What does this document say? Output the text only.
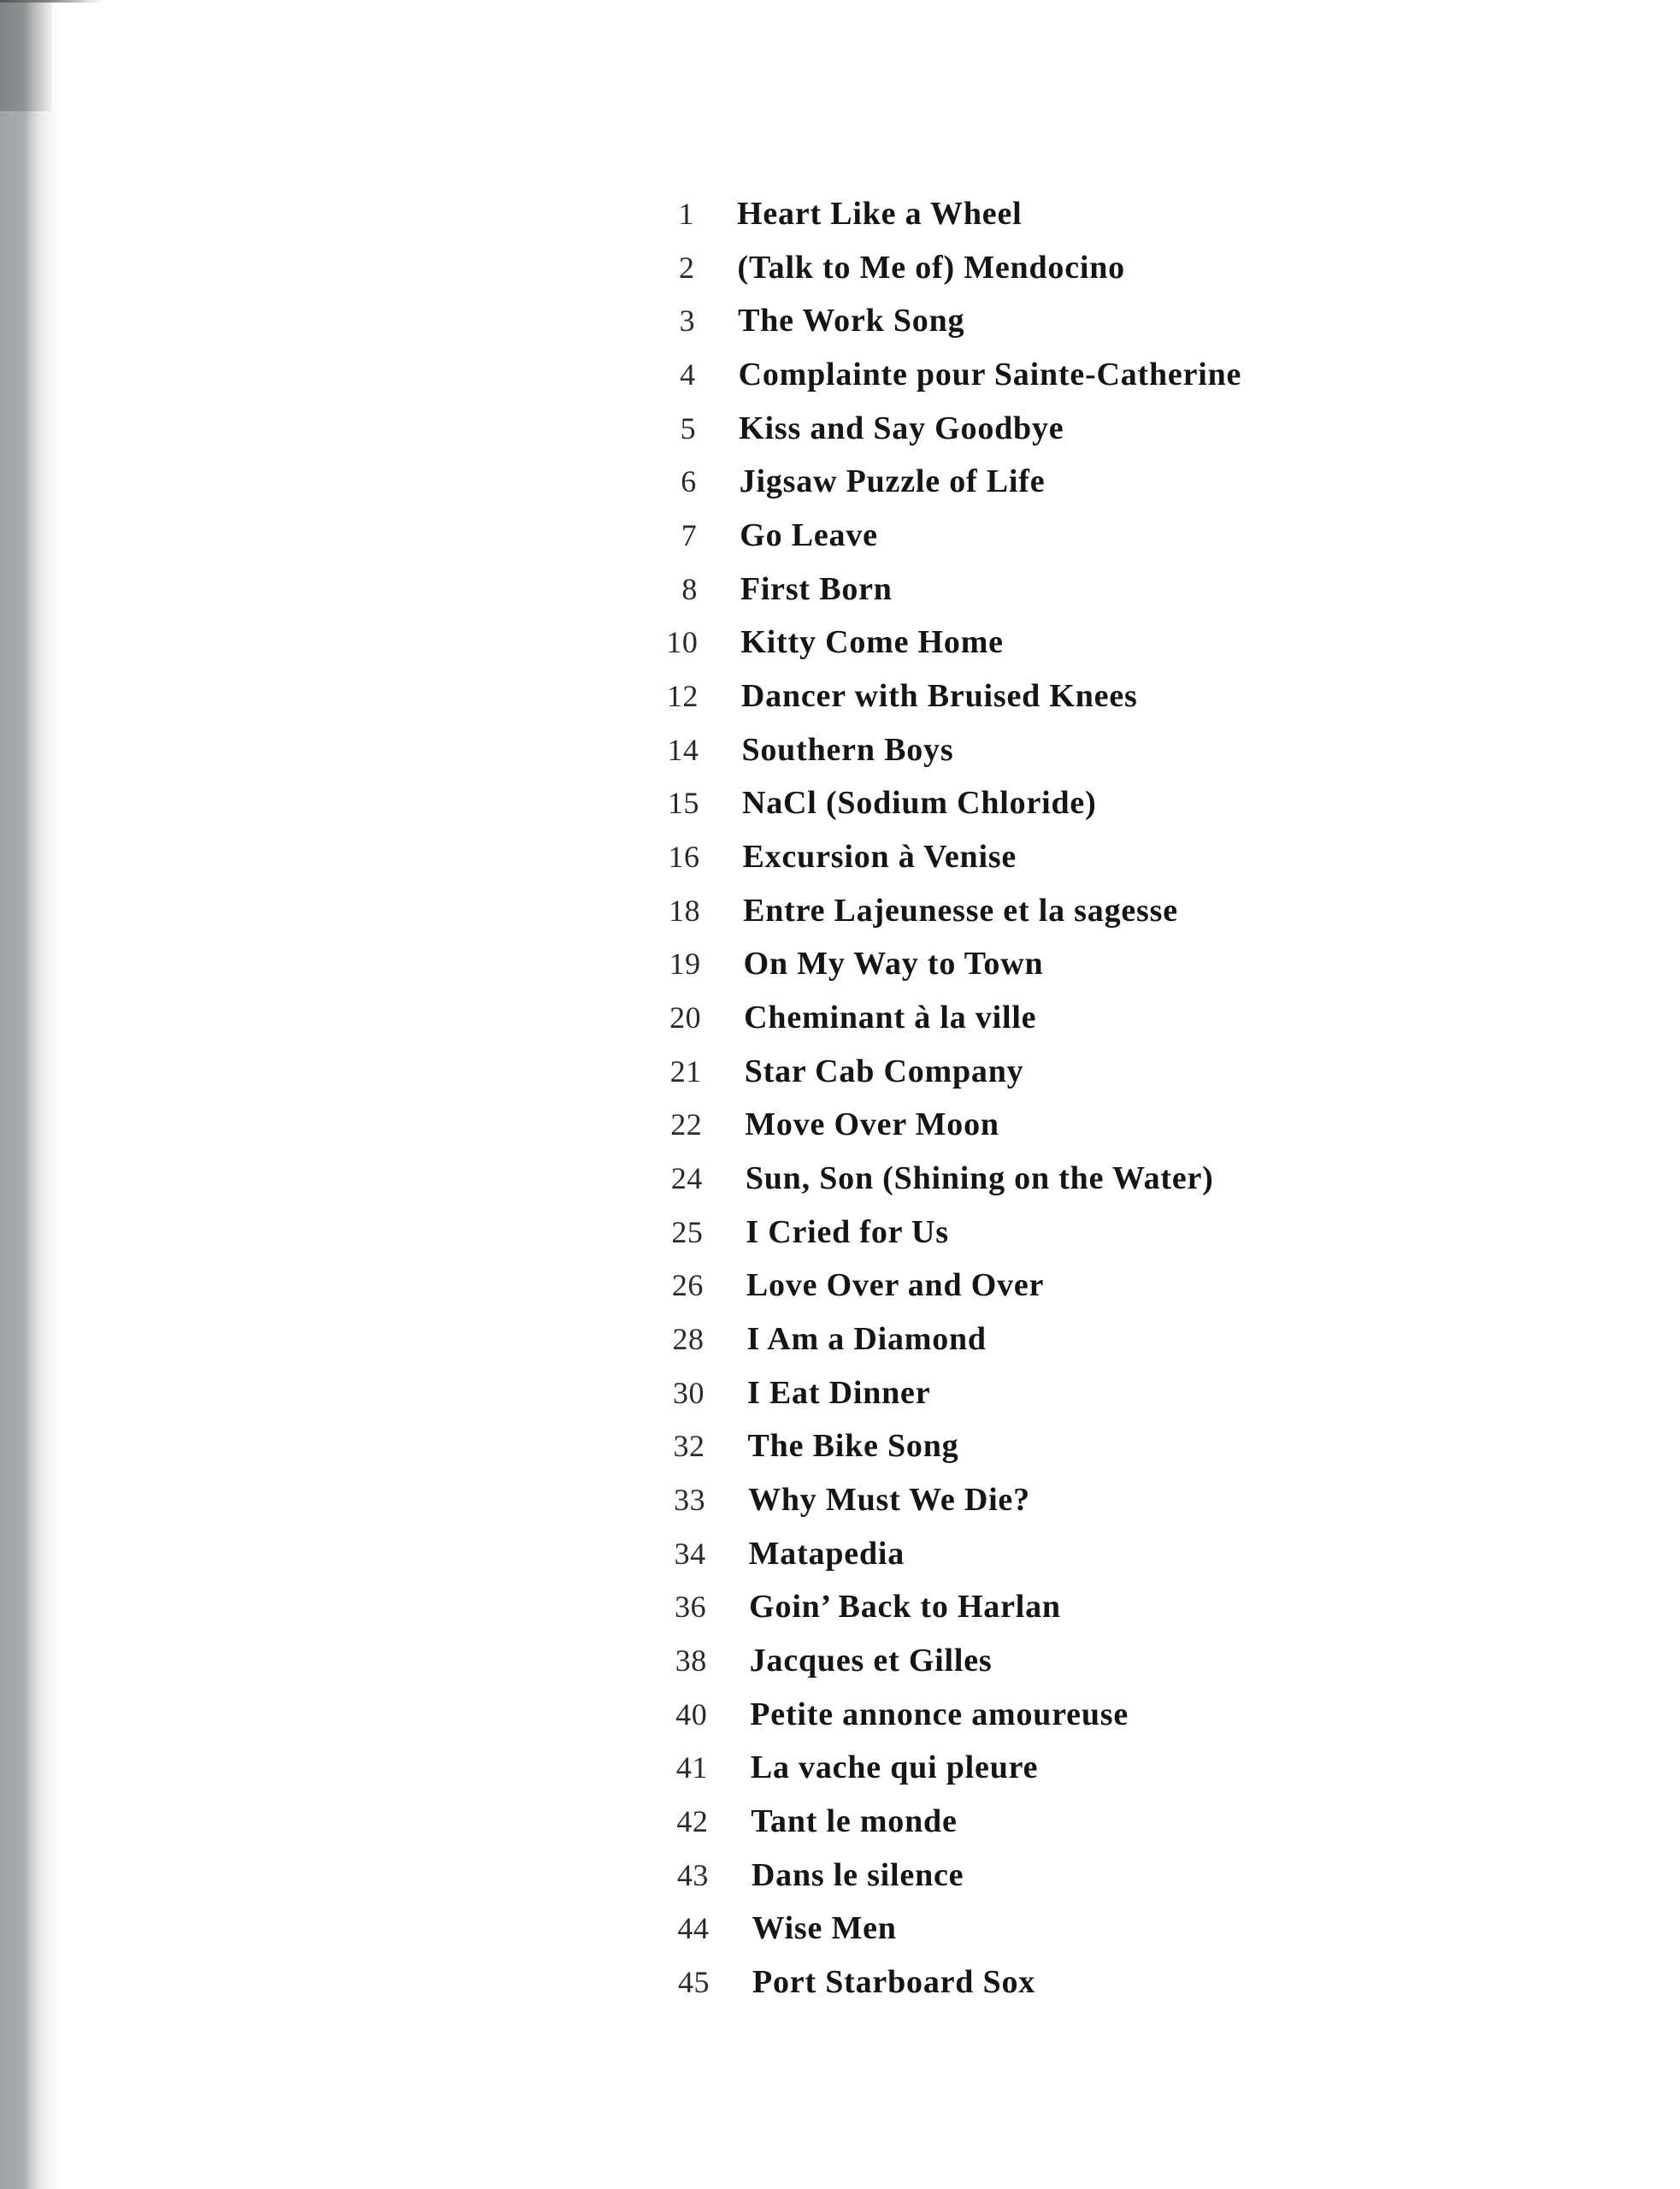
1 Heart Like a Wheel
2 (Talk to Me of) Mendocino
3 The Work Song
4 Complainte pour Sainte-Catherine
5 Kiss and Say Goodbye
6 Jigsaw Puzzle of Life
7 Go Leave
8 First Born
10 Kitty Come Home
12 Dancer with Bruised Knees
14 Southern Boys
15 NaCl (Sodium Chloride)
16 Excursion à Venise
18 Entre Lajeunesse et la sagesse
19 On My Way to Town
20 Cheminant à la ville
21 Star Cab Company
22 Move Over Moon
24 Sun, Son (Shining on the Water)
25 I Cried for Us
26 Love Over and Over
28 I Am a Diamond
30 I Eat Dinner
32 The Bike Song
33 Why Must We Die?
34 Matapedia
36 Goin’ Back to Harlan
38 Jacques et Gilles
40 Petite annonce amoureuse
41 La vache qui pleure
42 Tant le monde
43 Dans le silence
44 Wise Men
45 Port Starboard Sox
